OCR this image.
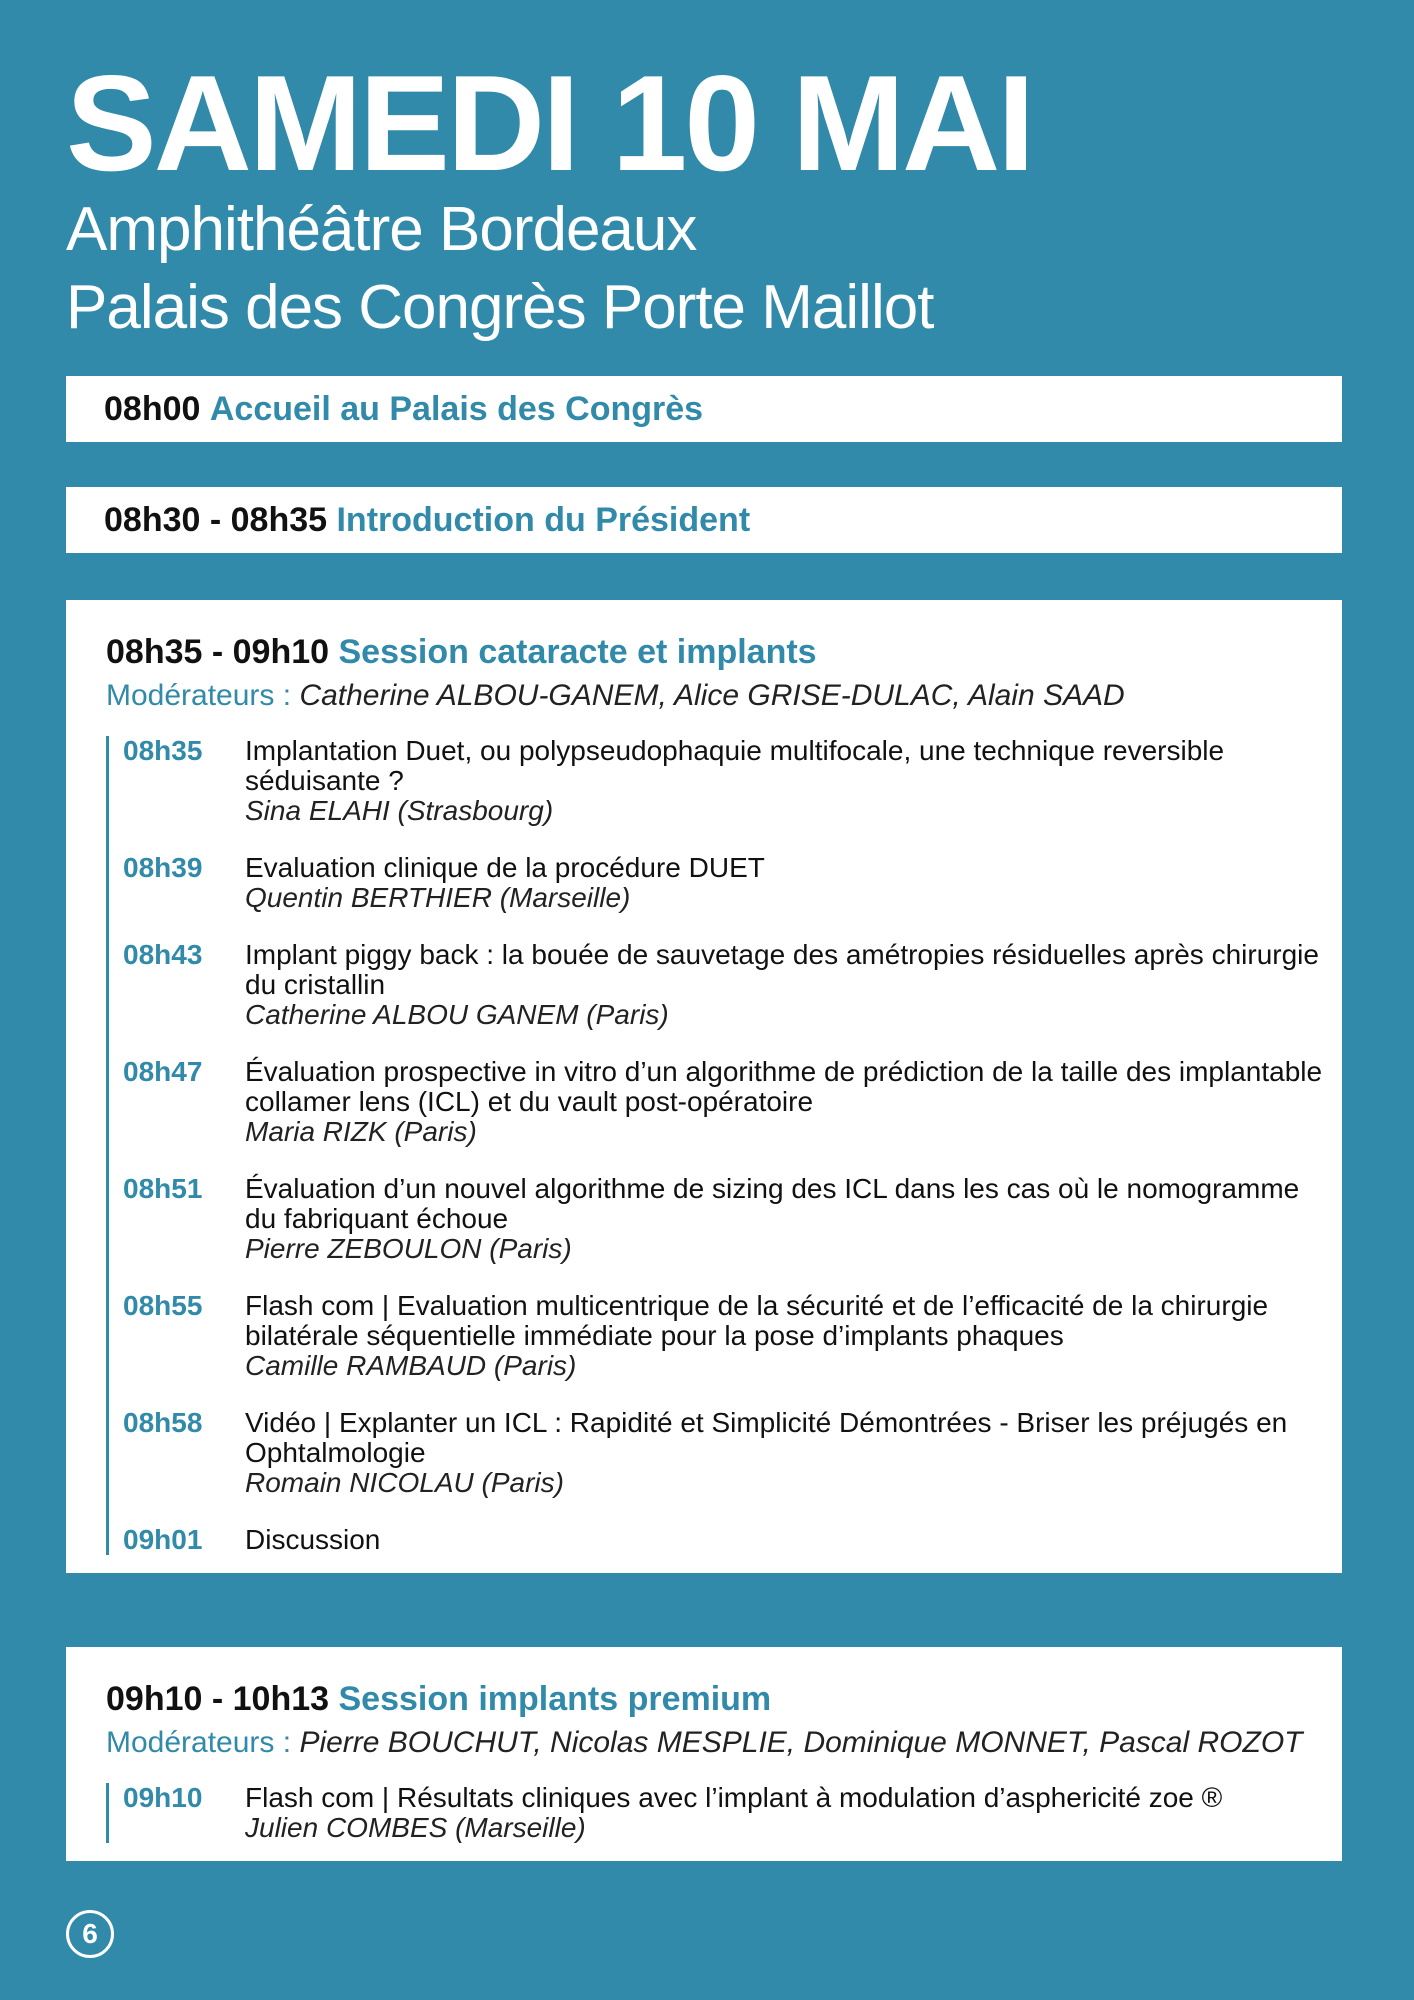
SAMEDI 10 MAI

Amphithéâtre Bordeaux

Palais des Congrès Porte Maillot

08h00
Accueil au Palais des Congrès
08h30 - 08h35
Introduction du Président
08h35 - 09h10 Session cataracte et implants
Modérateurs : Catherine ALBOU-GANEM, Alice GRISE-DULAC, Alain SAAD
08h35	Implantation Duet, ou polypseudophaquie multifocale, une technique reversible séduisante ?
Sina ELAHI (Strasbourg)
08h39	Evaluation clinique de la procédure DUET
Quentin BERTHIER (Marseille)
08h43	Implant piggy back : la bouée de sauvetage des amétropies résiduelles après chirurgie du cristallin
Catherine ALBOU GANEM (Paris)
08h47	Évaluation prospective in vitro d’un algorithme de prédiction de la taille des implantable collamer lens (ICL) et du vault post-opératoire
Maria RIZK (Paris)
08h51	Évaluation d’un nouvel algorithme de sizing des ICL dans les cas où le nomogramme du fabriquant échoue
Pierre ZEBOULON (Paris)
08h55	Flash com | Evaluation multicentrique de la sécurité et de l’efficacité de la chirurgie bilatérale séquentielle immédiate pour la pose d’implants phaques
Camille RAMBAUD (Paris)
08h58	Vidéo | Explanter un ICL : Rapidité et Simplicité Démontrées - Briser les préjugés en Ophtalmologie
Romain NICOLAU (Paris)
09h01	Discussion
09h10 - 10h13 Session implants premium
Modérateurs : Pierre BOUCHUT, Nicolas MESPLIE, Dominique MONNET, Pascal ROZOT
09h10	Flash com | Résultats cliniques avec l’implant à modulation d’asphericité zoe ®
Julien COMBES (Marseille)
6
